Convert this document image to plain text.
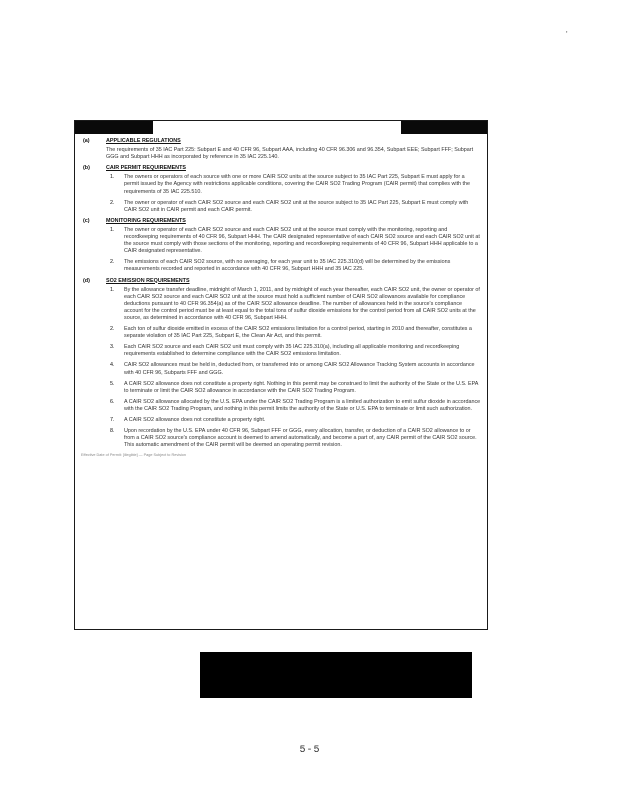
'
(a)	APPLICABLE REGULATIONS
The requirements of 35 IAC Part 225: Subpart E and 40 CFR 96, Subpart AAA, including 40 CFR 96.306 and 96.354, Subpart EEE; Subpart FFF; Subpart GGG and Subpart HHH as incorporated by reference in 35 IAC 225.140.
(b)	CAIR PERMIT REQUIREMENTS
1. The owners or operators of each source with one or more CAIR SO2 units at the source subject to 35 IAC Part 225, Subpart E must apply for a permit issued by the Agency with restrictions applicable conditions, covering the CAIR SO2 Trading Program (CAIR permit) that complies with the requirements of 35 IAC 225.510.
2. The owner or operator of each CAIR SO2 source and each CAIR SO2 unit at the source subject to 35 IAC Part 225, Subpart E must comply with CAIR SO2 unit in CAIR permit and each CAIR permit.
(c)	MONITORING REQUIREMENTS
1. The owner or operator of each CAIR SO2 source and each CAIR SO2 unit at the source must comply with the monitoring, reporting and recordkeeping requirements of 40 CFR 96, Subpart HHH. The CAIR designated representative of each CAIR SO2 source and each CAIR SO2 unit at the source must comply with those sections of the monitoring, reporting and recordkeeping requirements of 40 CFR 96, Subpart HHH applicable to a CAIR designated representative.
2. The emissions of each CAIR SO2 source, with no averaging, for each year unit to 35 IAC 225.310(d) will be determined by the emissions measurements recorded and reported in accordance with 40 CFR 96, Subpart HHH and 35 IAC 225.
(d)	SO2 EMISSION REQUIREMENTS
1. By the allowance transfer deadline, midnight of March 1, 2011, and by midnight of each year thereafter, each CAIR SO2 unit, the owner or operator of each CAIR SO2 source and each CAIR SO2 unit at the source must hold a sufficient number of CAIR SO2 allowances available for compliance deductions pursuant to 40 CFR 96.354(a) as of the CAIR SO2 allowance deadline. The number of allowances held in the source's compliance account for the control period must be at least equal to the total tons of sulfur dioxide emissions for the control period from all CAIR SO2 units at the source, as determined in accordance with 40 CFR 96, Subpart HHH.
2. Each ton of sulfur dioxide emitted in excess of the CAIR SO2 emissions limitation for a control period, starting in 2010 and thereafter, constitutes a separate violation of 35 IAC Part 225, Subpart E, the Clean Air Act, and this permit.
3. Each CAIR SO2 source and each CAIR SO2 unit must comply with 35 IAC 225.310(a), including all applicable monitoring and recordkeeping requirements established to determine compliance with the CAIR SO2 emissions limitation.
4. CAIR SO2 allowances must be held in, deducted from, or transferred into or among CAIR SO2 Allowance Tracking System accounts in accordance with 40 CFR 96, Subparts FFF and GGG.
5. A CAIR SO2 allowance does not constitute a property right. Nothing in this permit may be construed to limit the authority of the State or the U.S. EPA to terminate or limit the CAIR SO2 allowance in accordance with the CAIR SO2 Trading Program.
6. A CAIR SO2 allowance allocated by the U.S. EPA under the CAIR SO2 Trading Program is a limited authorization to emit sulfur dioxide in accordance with the CAIR SO2 Trading Program, and nothing in this permit limits the authority of the State or U.S. EPA to terminate or limit such authorization.
7. A CAIR SO2 allowance does not constitute a property right.
8. Upon recordation by the U.S. EPA under 40 CFR 96, Subpart FFF or GGG, every allocation, transfer, or deduction of a CAIR SO2 allowance to or from a CAIR SO2 source's compliance account is deemed to amend automatically, and become a part of, any CAIR permit of the CAIR SO2 source. This automatic amendment of the CAIR permit will be deemed an operating permit revision.
Effective Date of Permit: [illegible] — Page Subject to Revision
5-5
